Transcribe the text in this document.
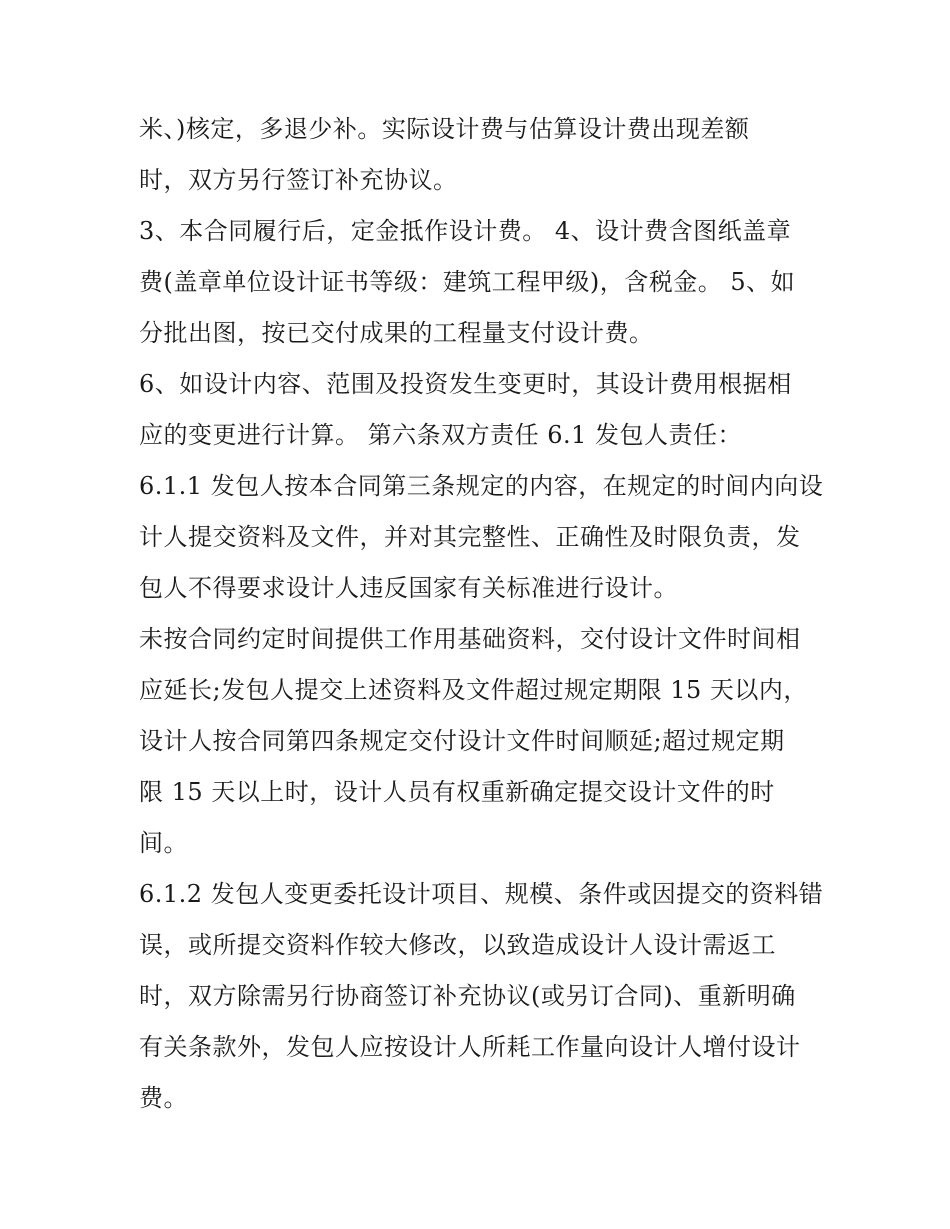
米、)核定，多退少补。实际设计费与估算设计费出现差额
时，双方另行签订补充协议。
3、本合同履行后，定金抵作设计费。 4、设计费含图纸盖章
费(盖章单位设计证书等级：建筑工程甲级)，含税金。 5、如
分批出图，按已交付成果的工程量支付设计费。
6、如设计内容、范围及投资发生变更时，其设计费用根据相
应的变更进行计算。 第六条双方责任 6.1 发包人责任：
6.1.1 发包人按本合同第三条规定的内容，在规定的时间内向设
计人提交资料及文件，并对其完整性、正确性及时限负责，发
包人不得要求设计人违反国家有关标准进行设计。
未按合同约定时间提供工作用基础资料，交付设计文件时间相
应延长;发包人提交上述资料及文件超过规定期限 15 天以内，
设计人按合同第四条规定交付设计文件时间顺延;超过规定期
限 15 天以上时，设计人员有权重新确定提交设计文件的时
间。
6.1.2 发包人变更委托设计项目、规模、条件或因提交的资料错
误，或所提交资料作较大修改，以致造成设计人设计需返工
时，双方除需另行协商签订补充协议(或另订合同)、重新明确
有关条款外，发包人应按设计人所耗工作量向设计人增付设计
费。
